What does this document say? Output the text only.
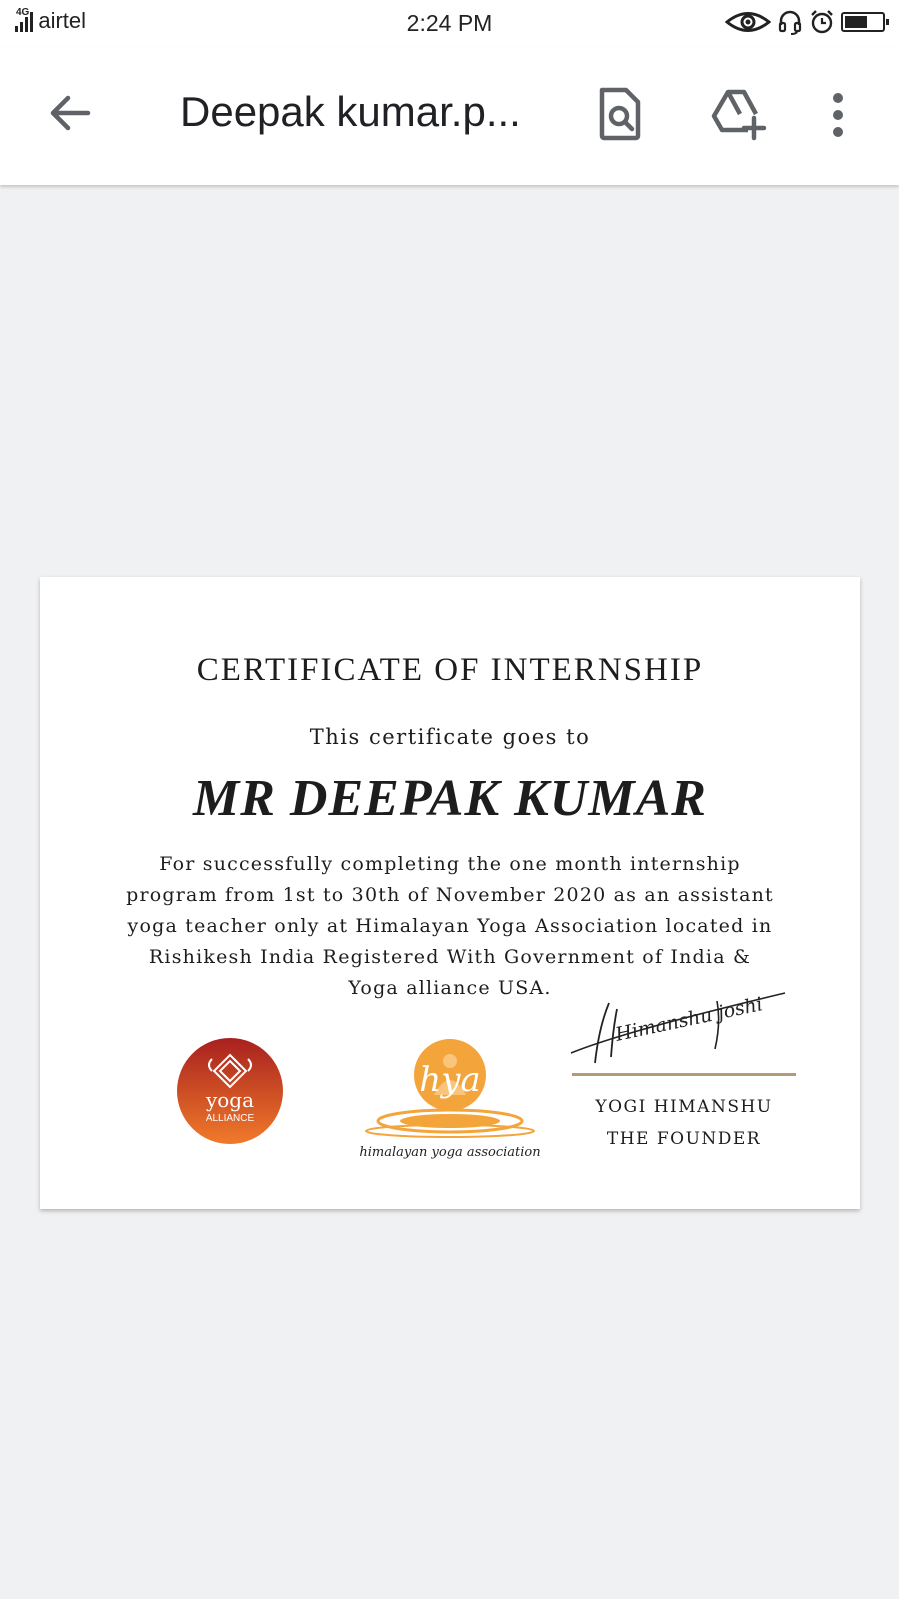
4G airtel	2:24 PM
Deepak kumar.p...
CERTIFICATE OF INTERNSHIP
This certificate goes to
MR DEEPAK KUMAR
For successfully completing the one month internship program from 1st to 30th of November 2020 as an assistant yoga teacher only at Himalayan Yoga Association located in Rishikesh India Registered With Government of India & Yoga alliance USA.
yoga
ALLIANCE
hya
himalayan yoga association
Himanshu joshi
YOGI HIMANSHU
THE FOUNDER
